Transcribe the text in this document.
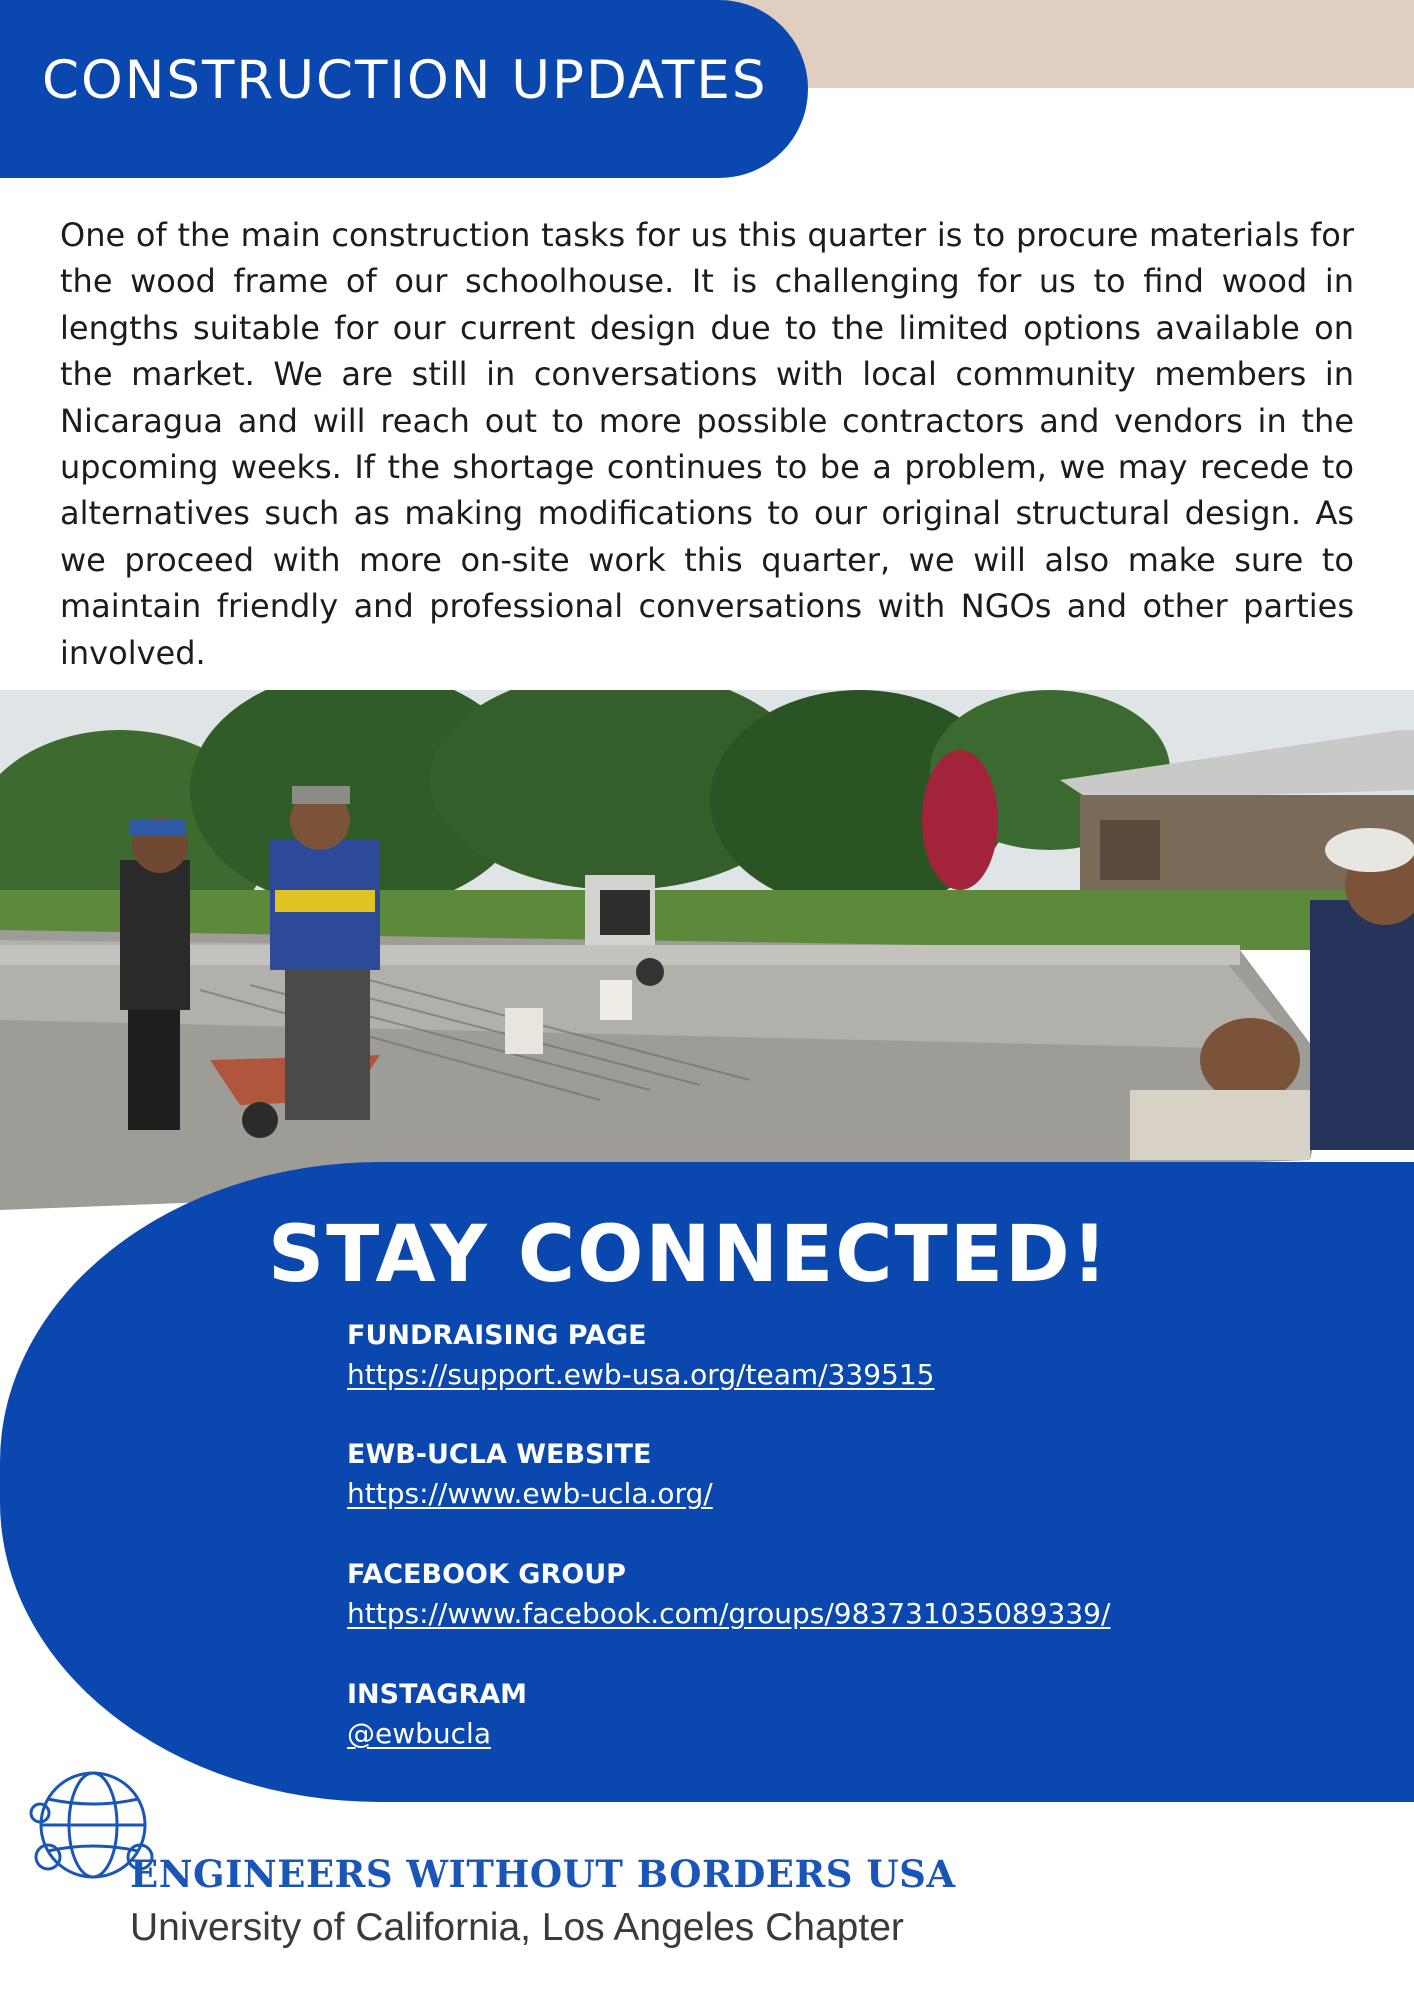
CONSTRUCTION UPDATES

One of the main construction tasks for us this quarter is to procure materials for the wood frame of our schoolhouse. It is challenging for us to find wood in lengths suitable for our current design due to the limited options available on the market. We are still in conversations with local community members in Nicaragua and will reach out to more possible contractors and vendors in the upcoming weeks. If the shortage continues to be a problem, we may recede to alternatives such as making modifications to our original structural design. As we proceed with more on-site work this quarter, we will also make sure to maintain friendly and professional conversations with NGOs and other parties involved.

STAY CONNECTED!
FUNDRAISING PAGE
https://support.ewb-usa.org/team/339515
EWB-UCLA WEBSITE
https://www.ewb-ucla.org/
FACEBOOK GROUP
https://www.facebook.com/groups/983731035089339/
INSTAGRAM
@ewbucla
ENGINEERS WITHOUT BORDERS USA
University of California, Los Angeles Chapter
